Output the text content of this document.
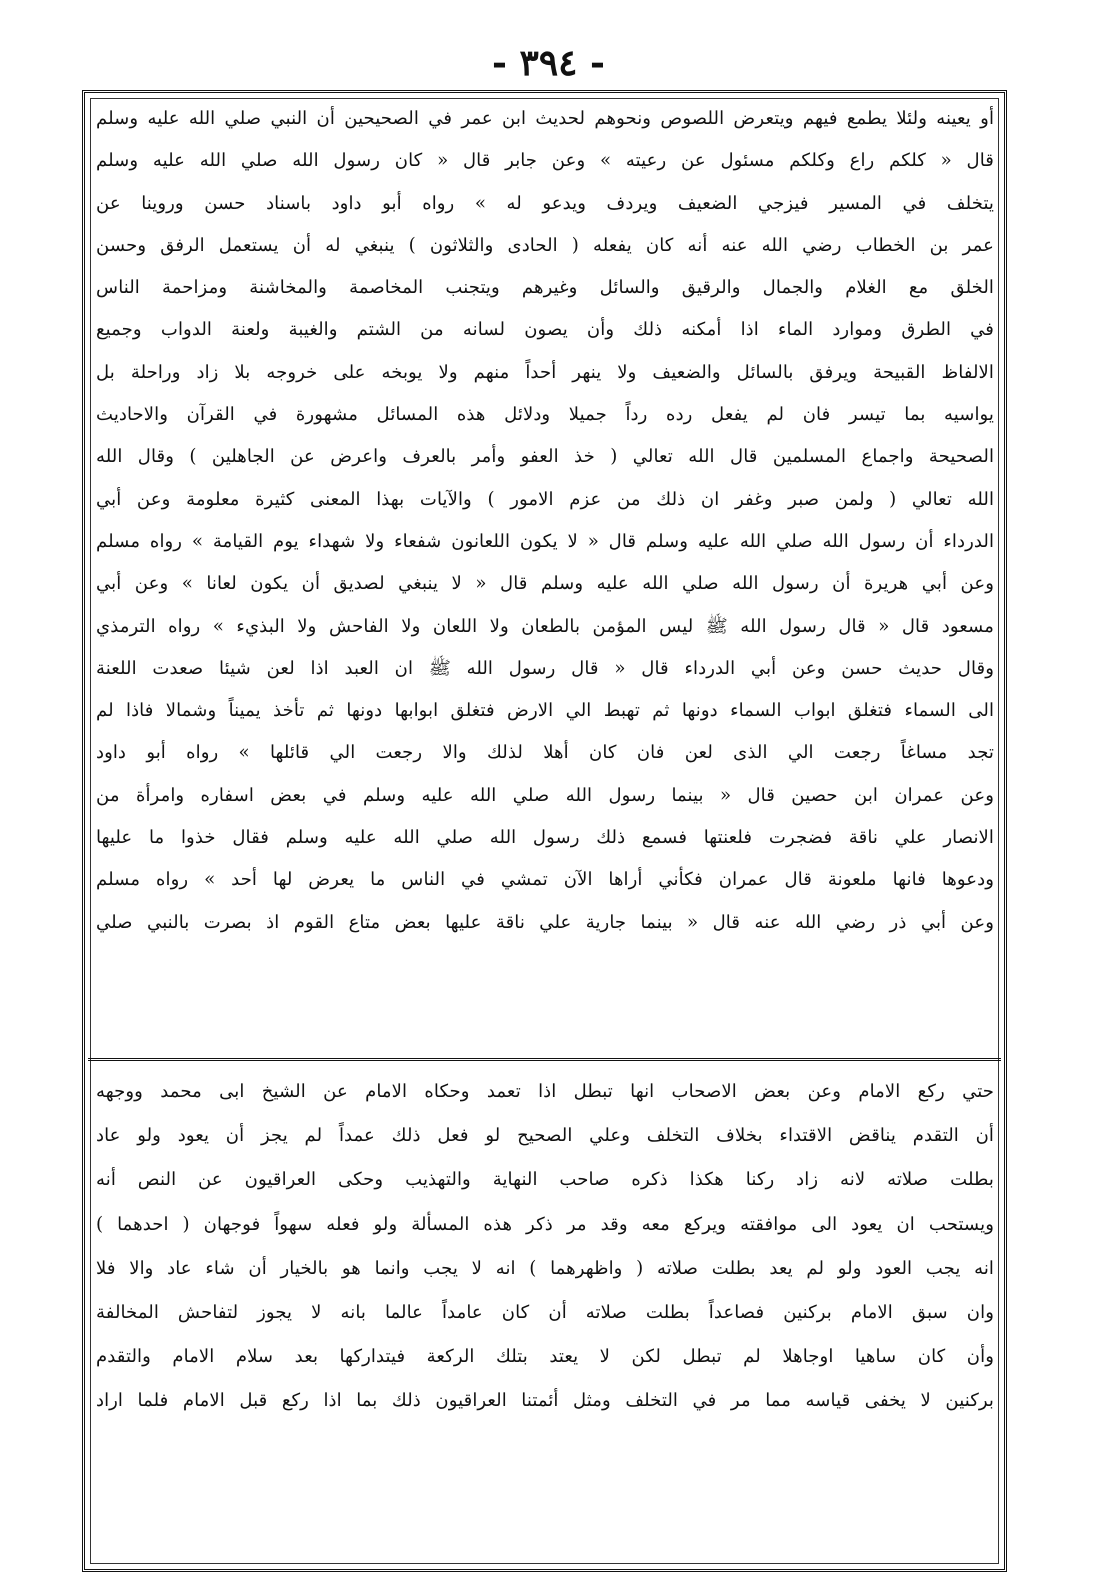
- ٣٩٤ -
أو يعينه ولئلا يطمع فيهم ويتعرض اللصوص ونحوهم لحديث ابن عمر في الصحيحين أن النبي صلي الله عليه وسلم
قال « كلكم راع وكلكم مسئول عن رعيته » وعن جابر قال « كان رسول الله صلي الله عليه وسلم
يتخلف في المسير فيزجي الضعيف ويردف ويدعو له » رواه أبو داود باسناد حسن وروينا عن
عمر بن الخطاب رضي الله عنه أنه كان يفعله ( الحادى والثلاثون ) ينبغي له أن يستعمل الرفق وحسن
الخلق مع الغلام والجمال والرقيق والسائل وغيرهم ويتجنب المخاصمة والمخاشنة ومزاحمة الناس
في الطرق وموارد الماء اذا أمكنه ذلك وأن يصون لسانه من الشتم والغيبة ولعنة الدواب وجميع
الالفاظ القبيحة ويرفق بالسائل والضعيف ولا ينهر أحداً منهم ولا يوبخه على خروجه بلا زاد وراحلة بل
يواسيه بما تيسر فان لم يفعل رده رداً جميلا ودلائل هذه المسائل مشهورة في القرآن والاحاديث
الصحيحة واجماع المسلمين قال الله تعالي ( خذ العفو وأمر بالعرف واعرض عن الجاهلين ) وقال الله
الله تعالي ( ولمن صبر وغفر ان ذلك من عزم الامور ) والآيات بهذا المعنى كثيرة معلومة وعن أبي
الدرداء أن رسول الله صلي الله عليه وسلم قال « لا يكون اللعانون شفعاء ولا شهداء يوم القيامة » رواه مسلم
وعن أبي هريرة أن رسول الله صلي الله عليه وسلم قال « لا ينبغي لصديق أن يكون لعانا » وعن أبي
مسعود قال « قال رسول الله ﷺ ليس المؤمن بالطعان ولا اللعان ولا الفاحش ولا البذيء » رواه الترمذي
وقال حديث حسن وعن أبي الدرداء قال « قال رسول الله ﷺ ان العبد اذا لعن شيئا صعدت اللعنة
الى السماء فتغلق ابواب السماء دونها ثم تهبط الي الارض فتغلق ابوابها دونها ثم تأخذ يميناً وشمالا فاذا لم
تجد مساغاً رجعت الي الذى لعن فان كان أهلا لذلك والا رجعت الي قائلها » رواه أبو داود
وعن عمران ابن حصين قال « بينما رسول الله صلي الله عليه وسلم في بعض اسفاره وامرأة من
الانصار علي ناقة فضجرت فلعنتها فسمع ذلك رسول الله صلي الله عليه وسلم فقال خذوا ما عليها
ودعوها فانها ملعونة قال عمران فكأني أراها الآن تمشي في الناس ما يعرض لها أحد » رواه مسلم
وعن أبي ذر رضي الله عنه قال « بينما جارية علي ناقة عليها بعض متاع القوم اذ بصرت بالنبي صلي
حتي ركع الامام وعن بعض الاصحاب انها تبطل اذا تعمد وحكاه الامام عن الشيخ ابى محمد ووجهه
أن التقدم يناقض الاقتداء بخلاف التخلف وعلي الصحيح لو فعل ذلك عمداً لم يجز أن يعود ولو عاد
بطلت صلاته لانه زاد ركنا هكذا ذكره صاحب النهاية والتهذيب وحكى العراقيون عن النص أنه
ويستحب ان يعود الى موافقته ويركع معه وقد مر ذكر هذه المسألة ولو فعله سهواً فوجهان ( احدهما )
انه يجب العود ولو لم يعد بطلت صلاته ( واظهرهما ) انه لا يجب وانما هو بالخيار أن شاء عاد والا فلا
وان سبق الامام بركنين فصاعداً بطلت صلاته أن كان عامداً عالما بانه لا يجوز لتفاحش المخالفة
وأن كان ساهيا اوجاهلا لم تبطل لكن لا يعتد بتلك الركعة فيتداركها بعد سلام الامام والتقدم
بركنين لا يخفى قياسه مما مر في التخلف ومثل أئمتنا العراقيون ذلك بما اذا ركع قبل الامام فلما اراد
